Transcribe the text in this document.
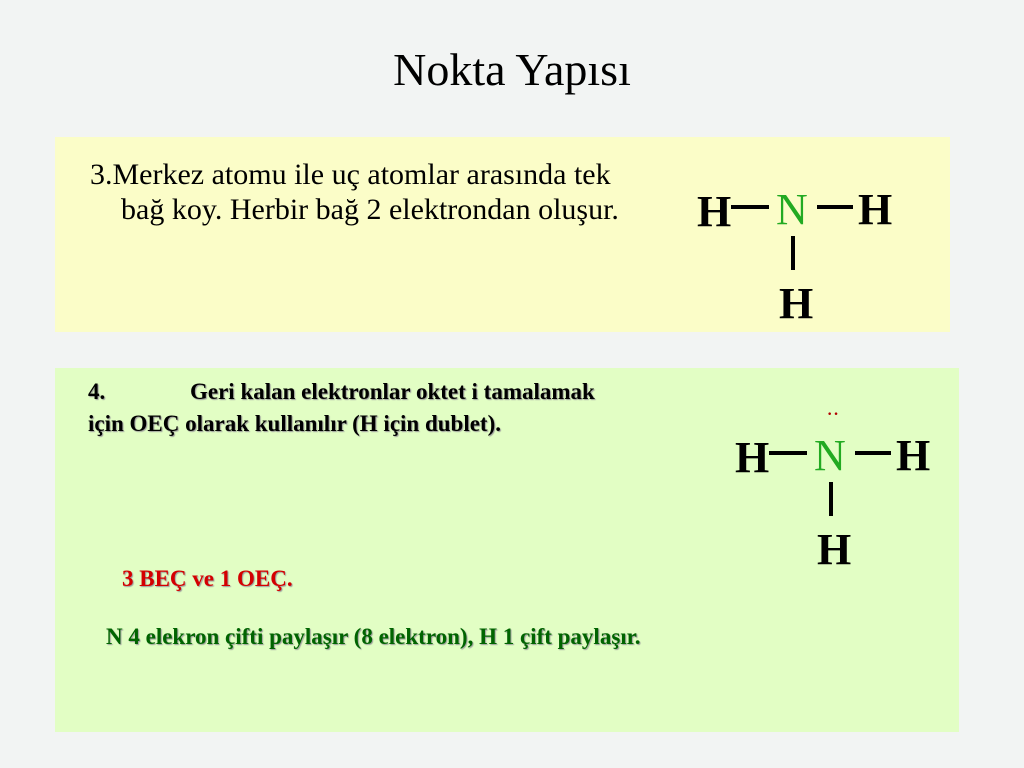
Nokta Yapısı
3.Merkez atomu ile uç atomlar arasında tek bağ koy. Herbir bağ 2 elektrondan oluşur.	H N H
H
4.	Geri kalan elektronlar oktet i tamalamak
için OEÇ olarak kullanılır (H için dublet).	··
H N H
H
3 BEÇ ve 1 OEÇ.
N 4 elekron çifti paylaşır (8 elektron), H 1 çift paylaşır.
